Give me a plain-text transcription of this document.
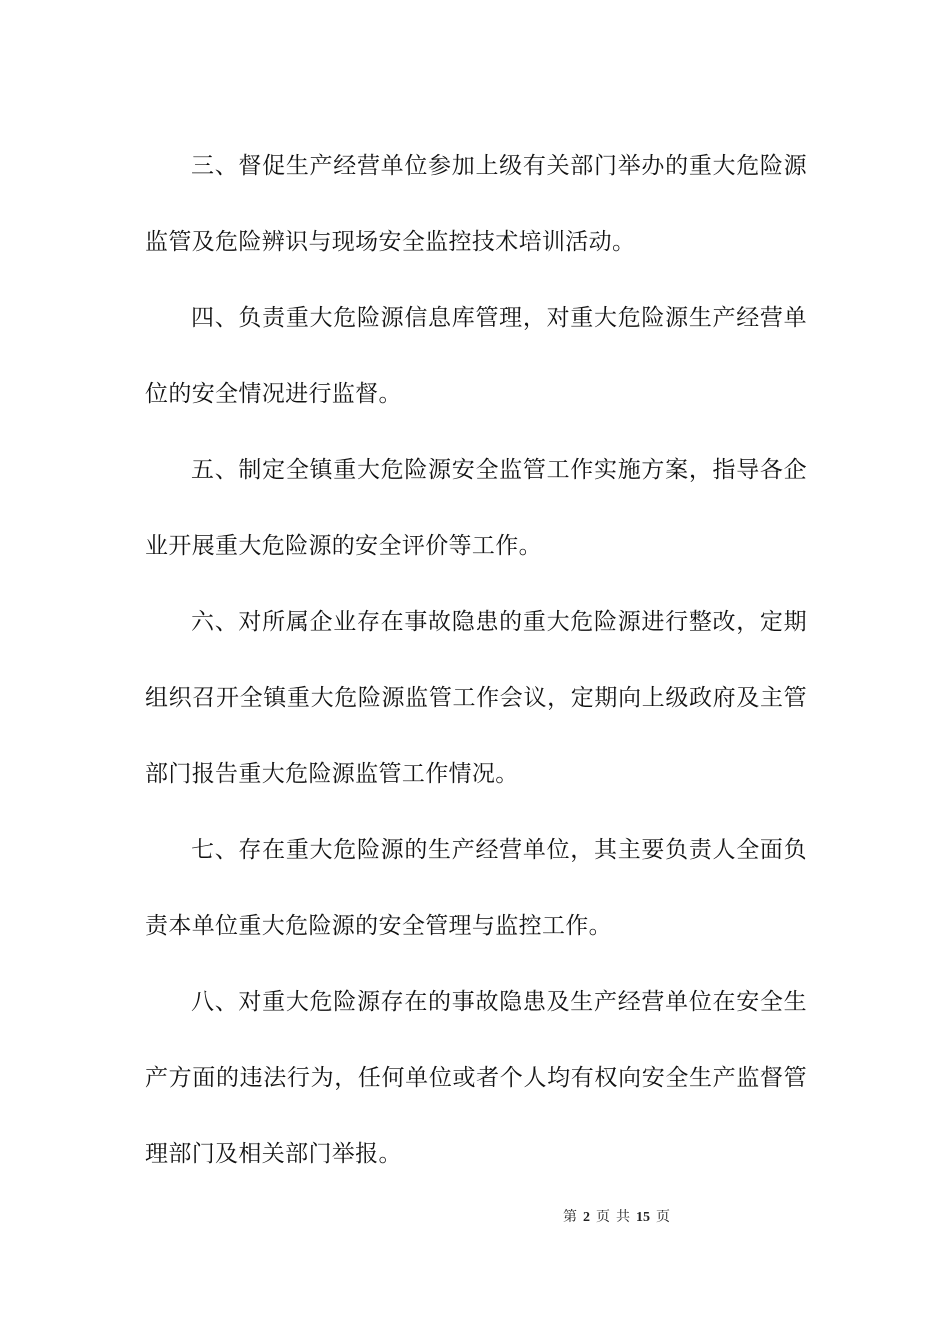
三、督促生产经营单位参加上级有关部门举办的重大危险源监管及危险辨识与现场安全监控技术培训活动。

四、负责重大危险源信息库管理，对重大危险源生产经营单位的安全情况进行监督。

五、制定全镇重大危险源安全监管工作实施方案，指导各企业开展重大危险源的安全评价等工作。

六、对所属企业存在事故隐患的重大危险源进行整改，定期组织召开全镇重大危险源监管工作会议，定期向上级政府及主管部门报告重大危险源监管工作情况。

七、存在重大危险源的生产经营单位，其主要负责人全面负责本单位重大危险源的安全管理与监控工作。

八、对重大危险源存在的事故隐患及生产经营单位在安全生产方面的违法行为，任何单位或者个人均有权向安全生产监督管理部门及相关部门举报。

第 2 页 共 15 页
